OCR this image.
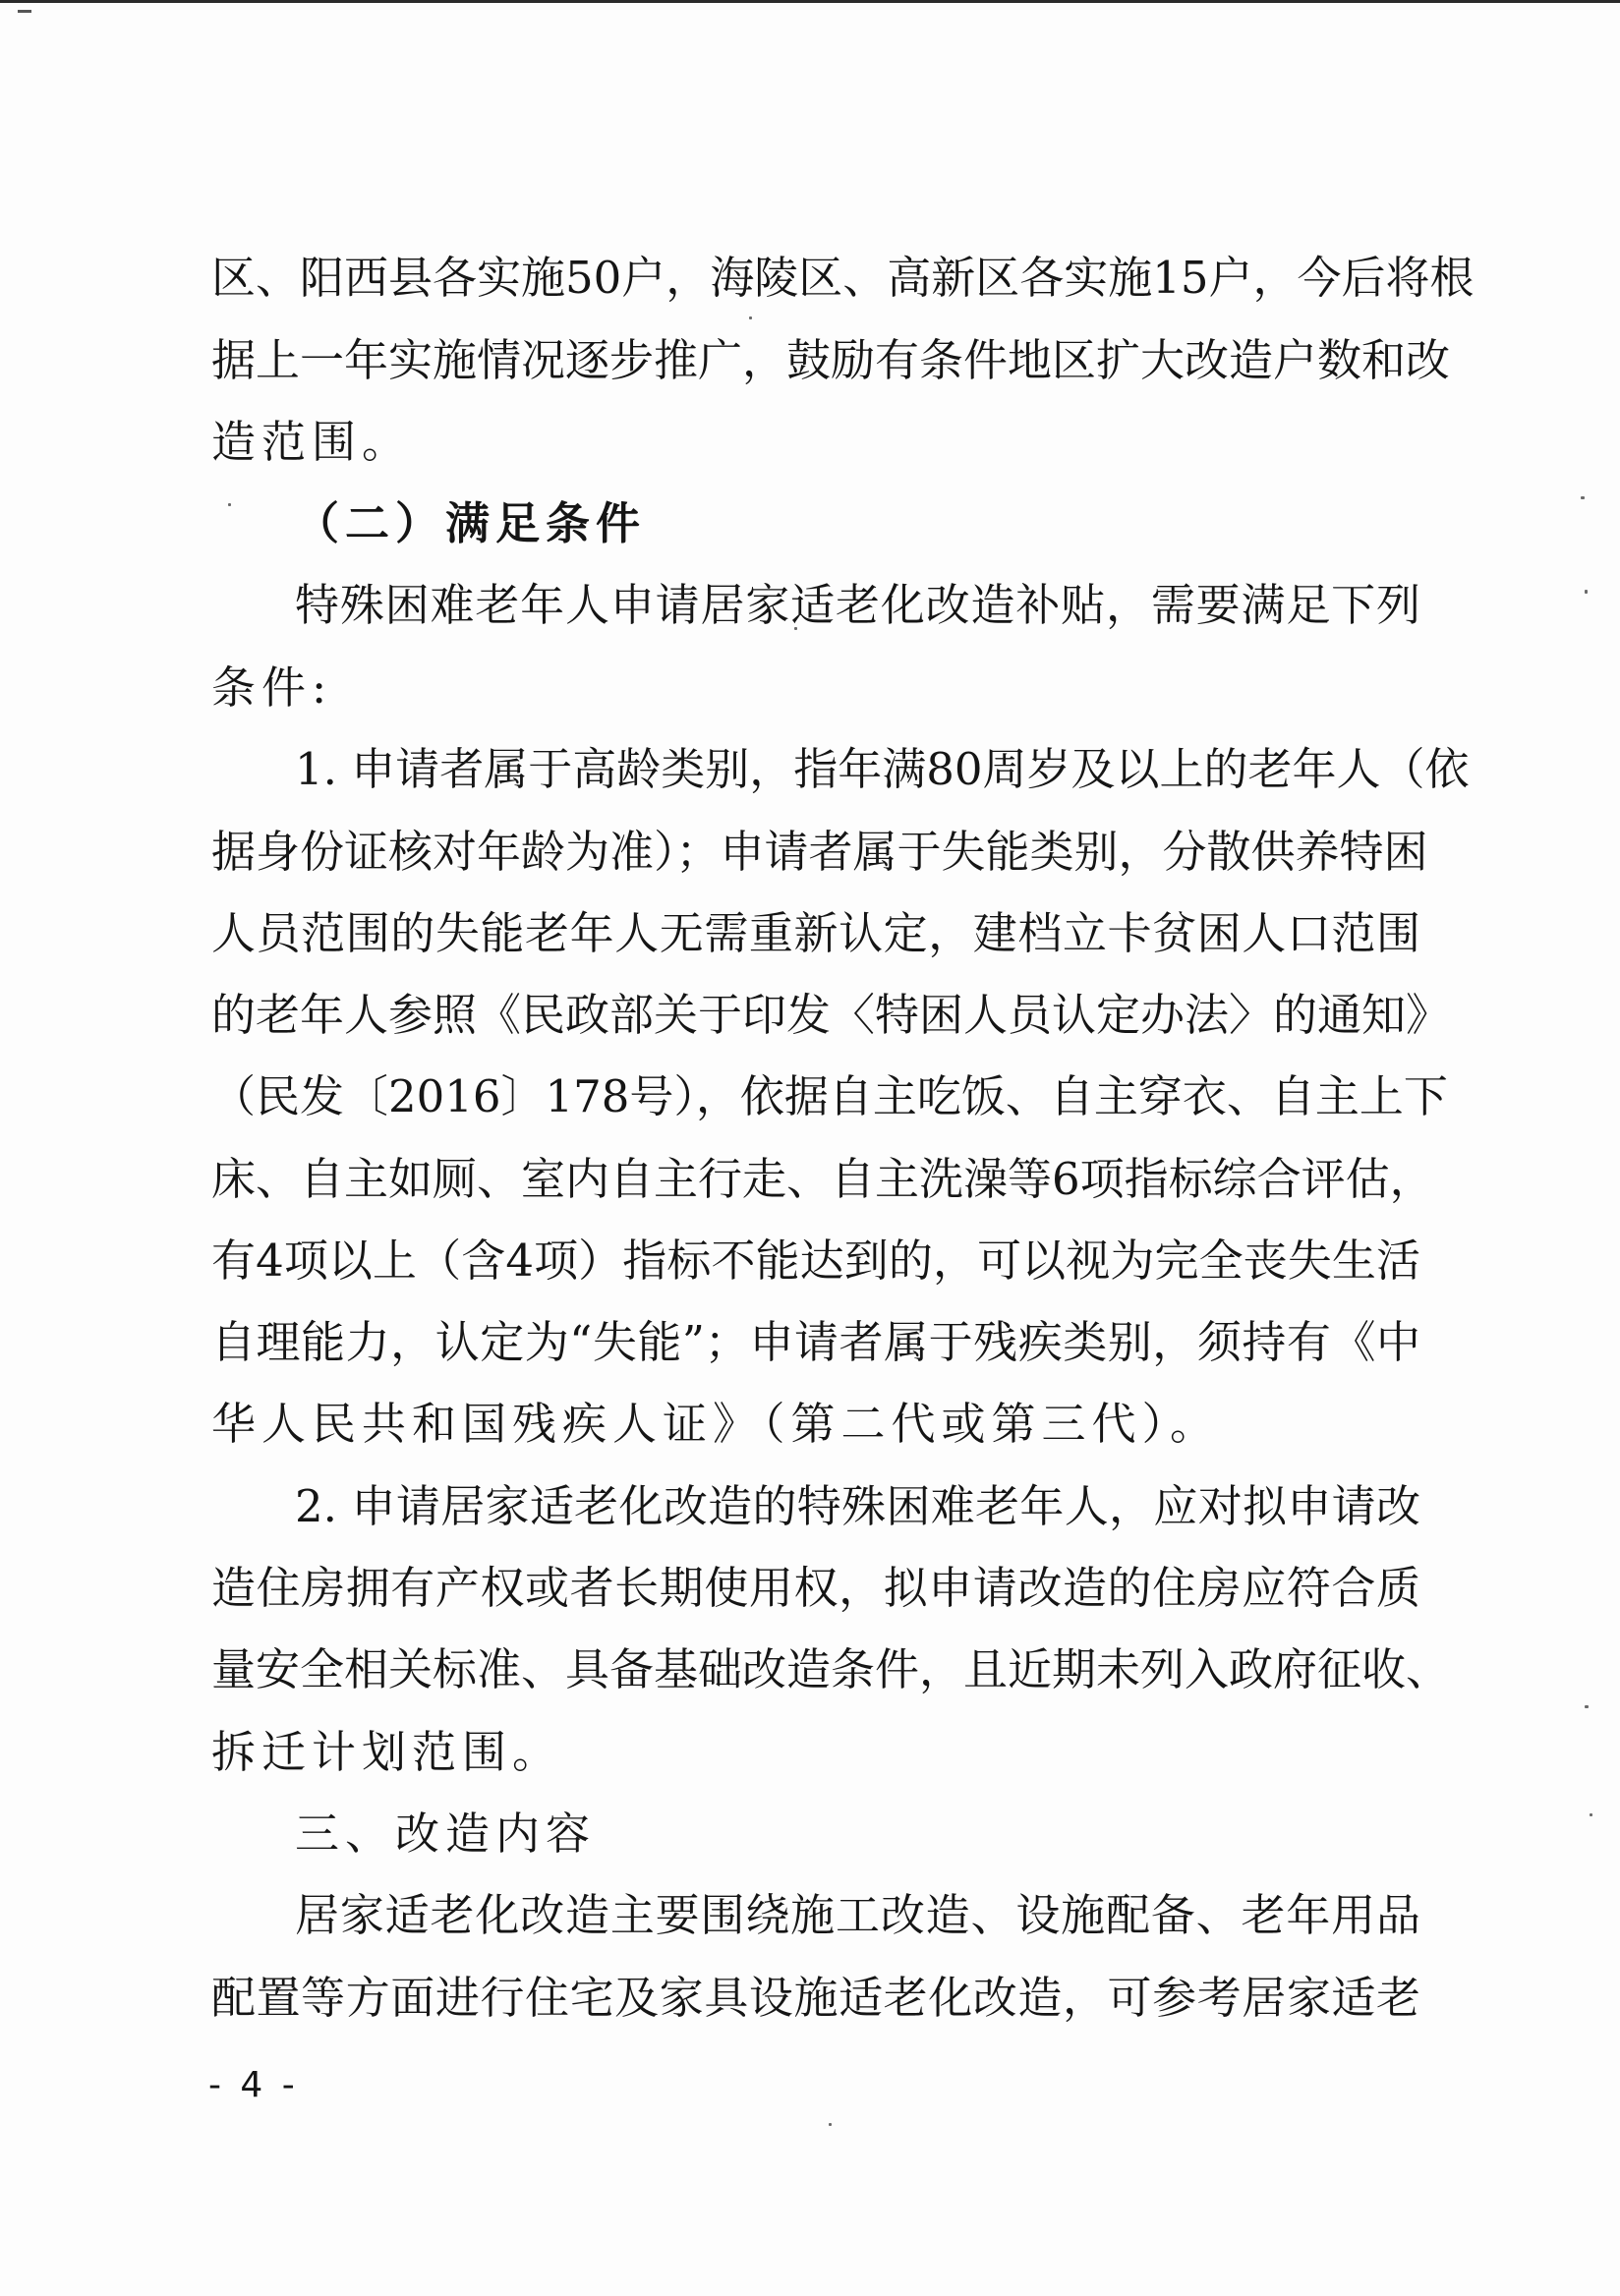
区、阳西县各实施50户，海陵区、高新区各实施15户，今后将根
据上一年实施情况逐步推广，鼓励有条件地区扩大改造户数和改
造范围。
（二）满足条件
特殊困难老年人申请居家适老化改造补贴，需要满足下列
条件:
1. 申请者属于高龄类别，指年满80周岁及以上的老年人（依
据身份证核对年龄为准）；申请者属于失能类别，分散供养特困
人员范围的失能老年人无需重新认定，建档立卡贫困人口范围
的老年人参照《民政部关于印发〈特困人员认定办法〉的通知》
（民发〔2016〕178号），依据自主吃饭、自主穿衣、自主上下
床、自主如厕、室内自主行走、自主洗澡等6项指标综合评估，
有4项以上（含4项）指标不能达到的，可以视为完全丧失生活
自理能力，认定为“失能”；申请者属于残疾类别，须持有《中
华人民共和国残疾人证》（第二代或第三代）。
2. 申请居家适老化改造的特殊困难老年人，应对拟申请改
造住房拥有产权或者长期使用权，拟申请改造的住房应符合质
量安全相关标准、具备基础改造条件，且近期未列入政府征收、
拆迁计划范围。
三、改造内容
居家适老化改造主要围绕施工改造、设施配备、老年用品
配置等方面进行住宅及家具设施适老化改造，可参考居家适老
- 4 -
